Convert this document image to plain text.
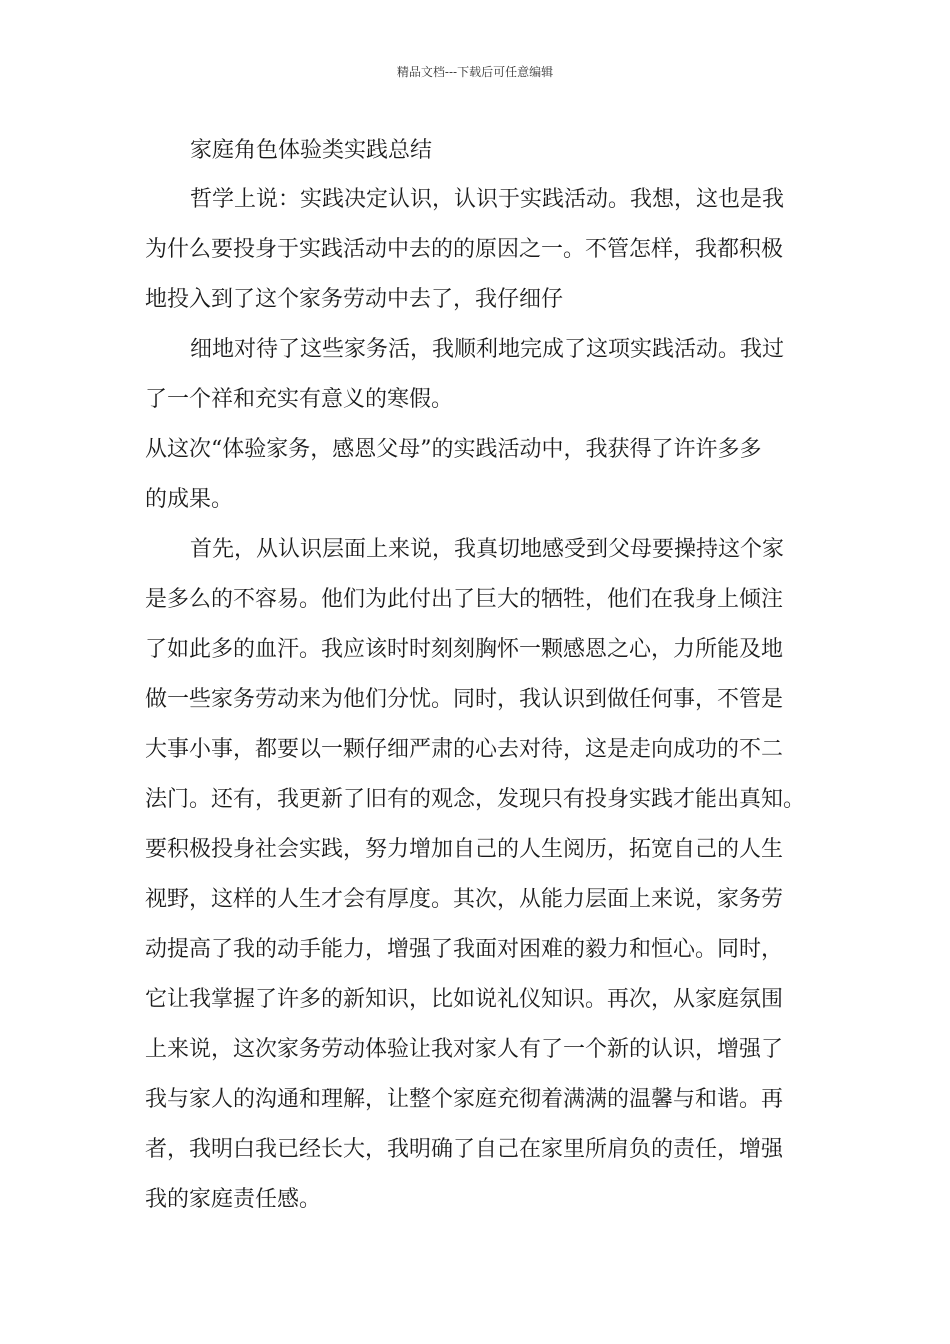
精品文档---下载后可任意编辑
家庭角色体验类实践总结
哲学上说：实践决定认识，认识于实践活动。我想，这也是我
为什么要投身于实践活动中去的的原因之一。不管怎样，我都积极
地投入到了这个家务劳动中去了，我仔细仔
细地对待了这些家务活，我顺利地完成了这项实践活动。我过
了一个祥和充实有意义的寒假。
从这次“体验家务，感恩父母”的实践活动中，我获得了许许多多
的成果。
首先，从认识层面上来说，我真切地感受到父母要操持这个家
是多么的不容易。他们为此付出了巨大的牺牲，他们在我身上倾注
了如此多的血汗。我应该时时刻刻胸怀一颗感恩之心，力所能及地
做一些家务劳动来为他们分忧。同时，我认识到做任何事，不管是
大事小事，都要以一颗仔细严肃的心去对待，这是走向成功的不二
法门。还有，我更新了旧有的观念，发现只有投身实践才能出真知。
要积极投身社会实践，努力增加自己的人生阅历，拓宽自己的人生
视野，这样的人生才会有厚度。其次，从能力层面上来说，家务劳
动提高了我的动手能力，增强了我面对困难的毅力和恒心。同时，
它让我掌握了许多的新知识，比如说礼仪知识。再次，从家庭氛围
上来说，这次家务劳动体验让我对家人有了一个新的认识，增强了
我与家人的沟通和理解，让整个家庭充彻着满满的温馨与和谐。再
者，我明白我已经长大，我明确了自己在家里所肩负的责任，增强
我的家庭责任感。
